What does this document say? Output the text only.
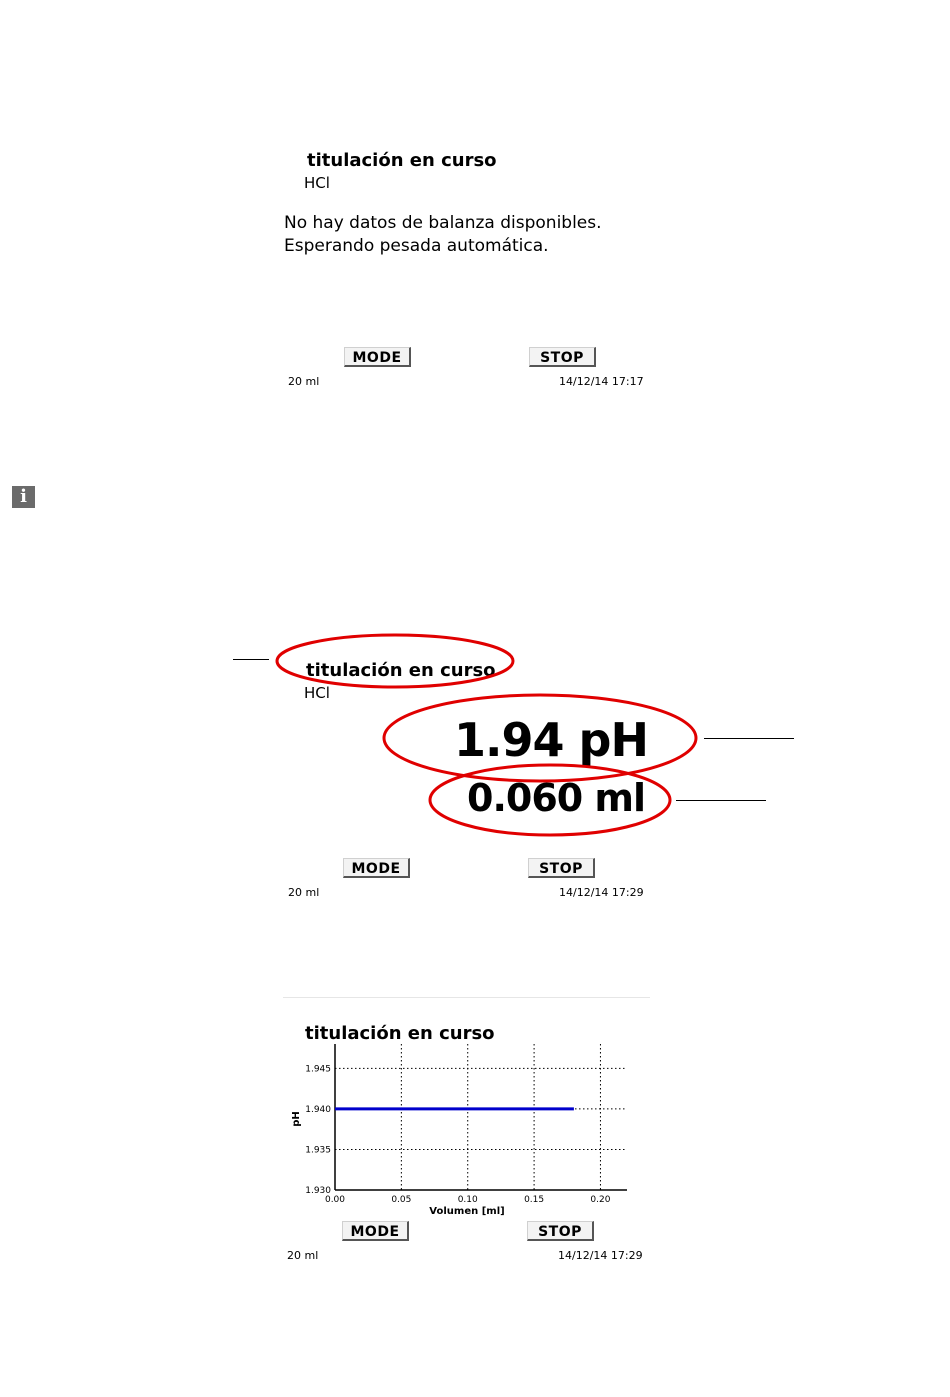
titulación en curso
HCl
No hay datos de balanza disponibles.
Esperando pesada automática.
MODE	STOP
20 ml	14/12/14 17:17
i
titulación en curso
HCl
1.94 pH
0.060 ml
MODE	STOP
20 ml	14/12/14 17:29
titulación en curso
0.00	0.05	0.10	0.15	0.20
1.930
1.935
1.940
1.945
Volumen [ml]
pH
MODE	STOP
20 ml	14/12/14 17:29
